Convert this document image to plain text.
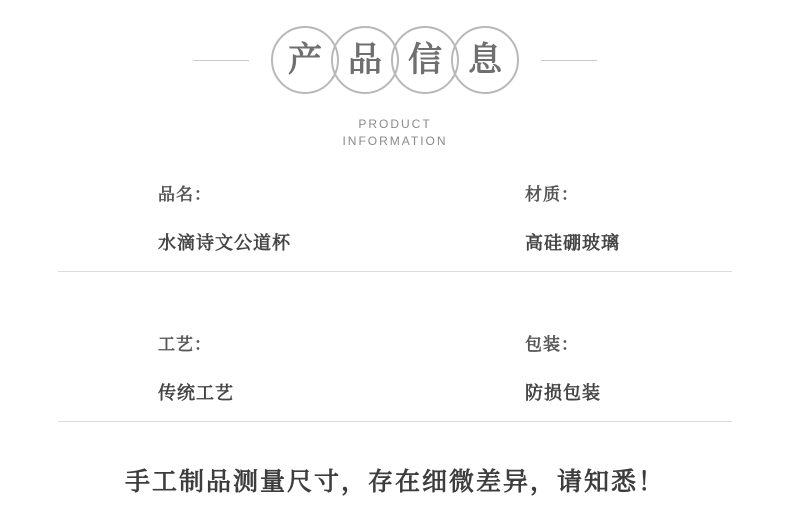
产 品 信 息
PRODUCT
INFORMATION
品名：
水滴诗文公道杯
材质：
高硅硼玻璃
工艺：
传统工艺
包装：
防损包装
手工制品测量尺寸，存在细微差异，请知悉！
